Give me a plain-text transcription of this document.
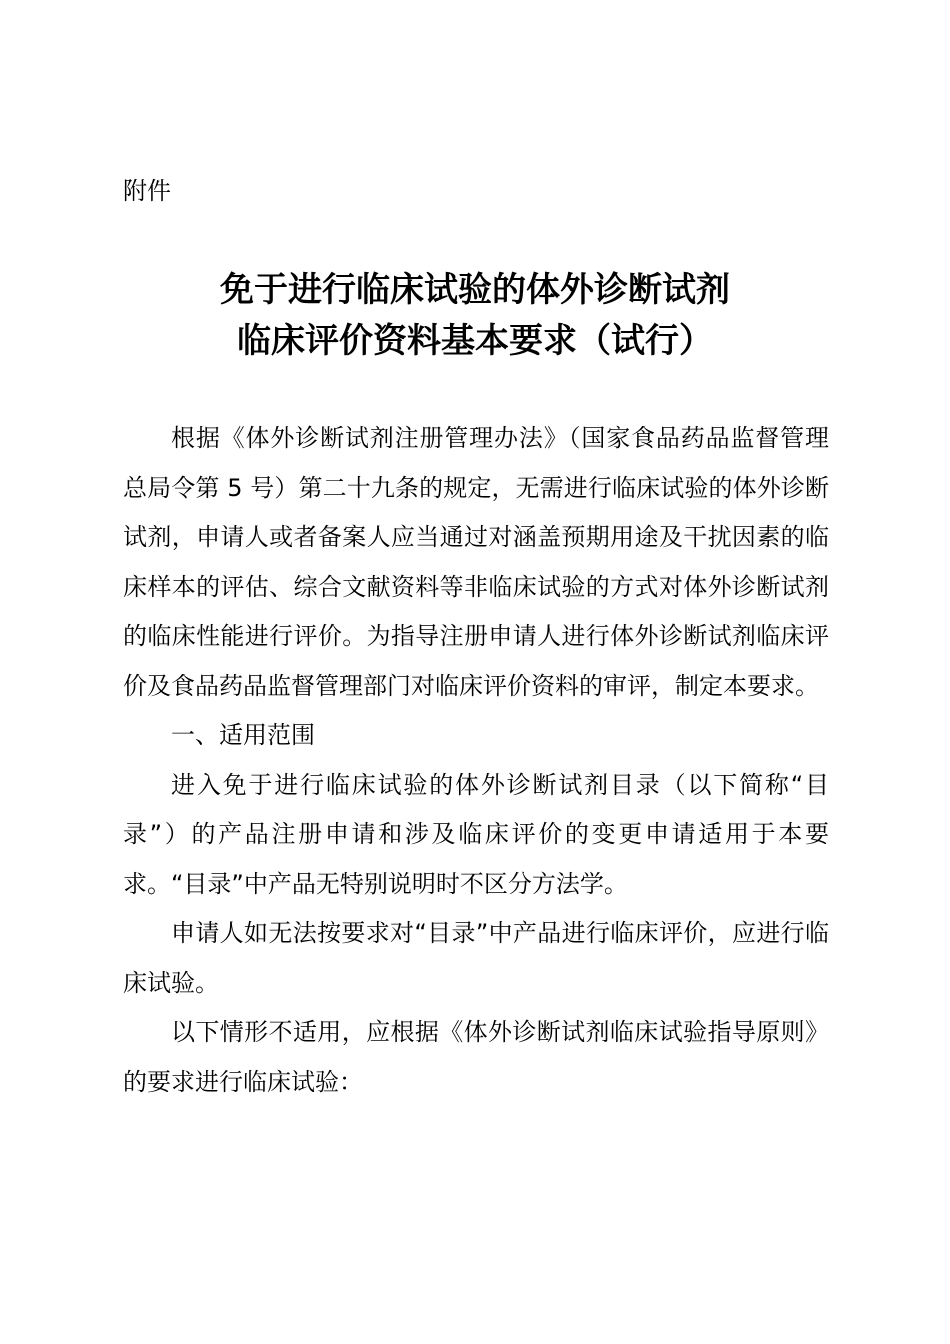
附件
免于进行临床试验的体外诊断试剂
临床评价资料基本要求（试行）

根据《体外诊断试剂注册管理办法》（国家食品药品监督管理总局令第 5 号）第二十九条的规定，无需进行临床试验的体外诊断试剂，申请人或者备案人应当通过对涵盖预期用途及干扰因素的临床样本的评估、综合文献资料等非临床试验的方式对体外诊断试剂的临床性能进行评价。为指导注册申请人进行体外诊断试剂临床评价及食品药品监督管理部门对临床评价资料的审评，制定本要求。

一、适用范围

进入免于进行临床试验的体外诊断试剂目录（以下简称“目录”）的产品注册申请和涉及临床评价的变更申请适用于本要求。“目录”中产品无特别说明时不区分方法学。

申请人如无法按要求对“目录”中产品进行临床评价，应进行临床试验。

以下情形不适用，应根据《体外诊断试剂临床试验指导原则》的要求进行临床试验：
